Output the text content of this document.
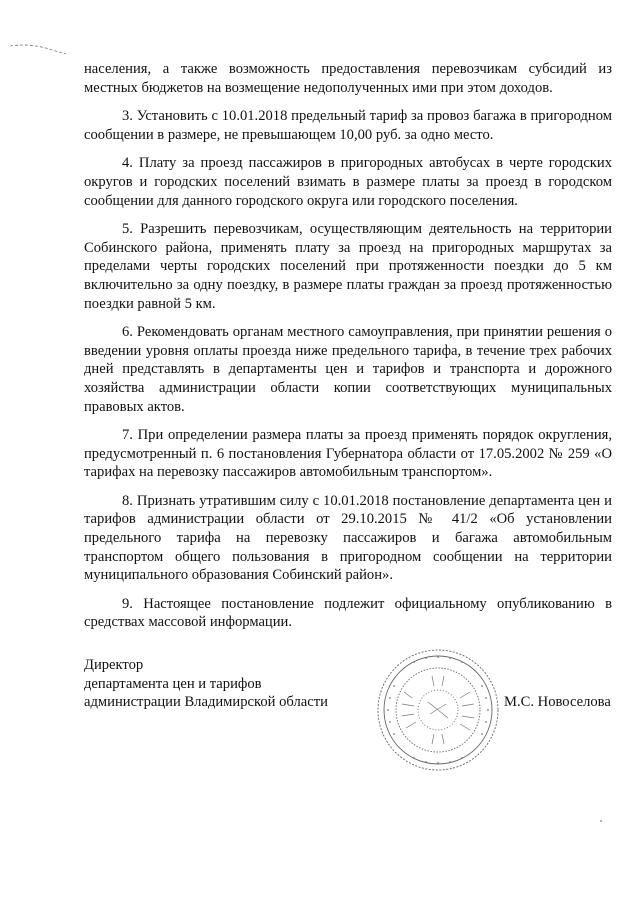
населения, а также возможность предоставления перевозчикам субсидий из местных бюджетов на возмещение недополученных ими при этом доходов.

3. Установить с 10.01.2018 предельный тариф за провоз багажа в пригородном сообщении в размере, не превышающем 10,00 руб. за одно место.

4. Плату за проезд пассажиров в пригородных автобусах в черте городских округов и городских поселений взимать в размере платы за проезд в городском сообщении для данного городского округа или городского поселения.

5. Разрешить перевозчикам, осуществляющим деятельность на территории Собинского района, применять плату за проезд на пригородных маршрутах за пределами черты городских поселений при протяженности поездки до 5 км включительно за одну поездку, в размере платы граждан за проезд протяженностью поездки равной 5 км.

6. Рекомендовать органам местного самоуправления, при принятии решения о введении уровня оплаты проезда ниже предельного тарифа, в течение трех рабочих дней представлять в департаменты цен и тарифов и транспорта и дорожного хозяйства администрации области копии соответствующих муниципальных правовых актов.

7. При определении размера платы за проезд применять порядок округления, предусмотренный п. 6 постановления Губернатора области от 17.05.2002 № 259 «О тарифах на перевозку пассажиров автомобильным транспортом».

8. Признать утратившим силу с 10.01.2018 постановление департамента цен и тарифов администрации области от 29.10.2015 № 41/2 «Об установлении предельного тарифа на перевозку пассажиров и багажа автомобильным транспортом общего пользования в пригородном сообщении на территории муниципального образования Собинский район».

9. Настоящее постановление подлежит официальному опубликованию в средствах массовой информации.

Директор
департамента цен и тарифов
администрации Владимирской области	М.С. Новоселова
